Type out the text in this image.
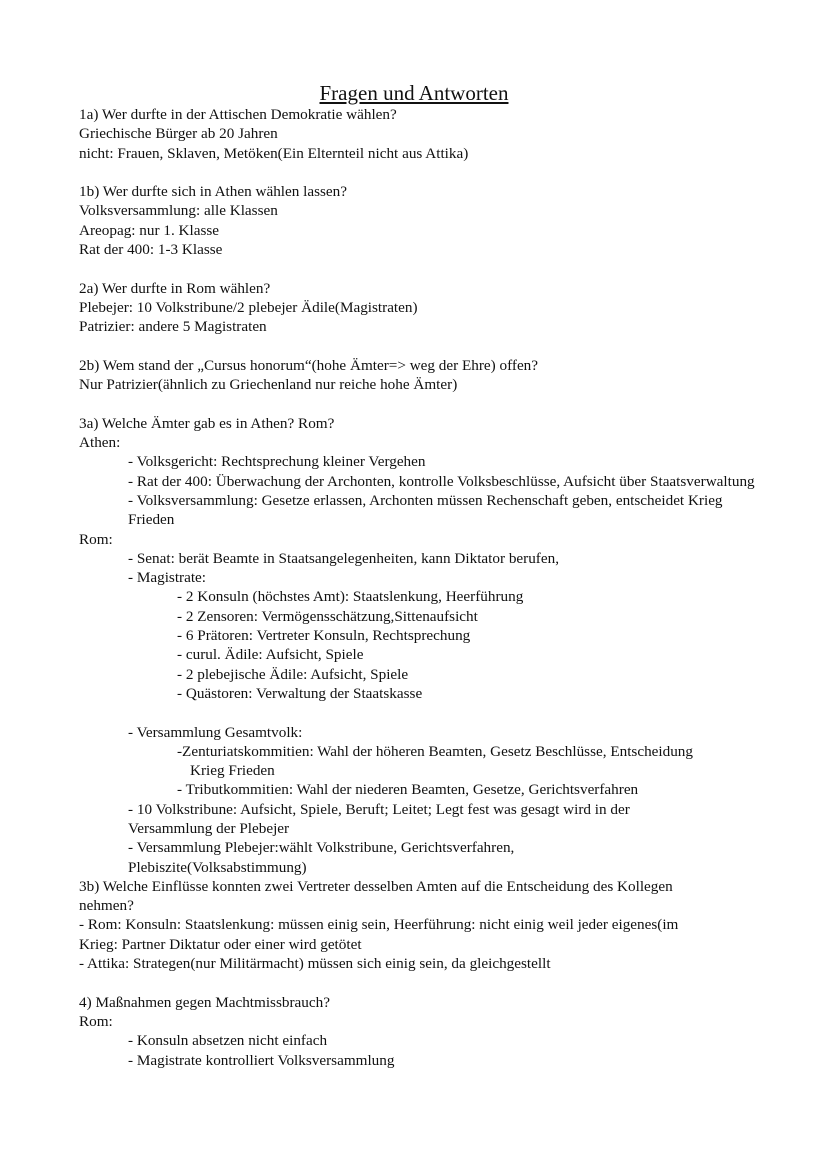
Fragen und Antworten
1a) Wer durfte in der Attischen Demokratie wählen?
Griechische Bürger ab 20 Jahren
nicht: Frauen, Sklaven, Metöken(Ein Elternteil nicht aus Attika)
1b) Wer durfte sich in Athen wählen lassen?
Volksversammlung: alle Klassen
Areopag: nur 1. Klasse
Rat der 400: 1-3 Klasse
2a) Wer durfte in Rom wählen?
Plebejer: 10 Volkstribune/2 plebejer Ädile(Magistraten)
Patrizier: andere 5 Magistraten
2b) Wem stand der „Cursus honorum“(hohe Ämter=> weg der Ehre) offen?
Nur Patrizier(ähnlich zu Griechenland nur reiche hohe Ämter)
3a) Welche Ämter gab es in Athen? Rom?
Athen:
- Volksgericht: Rechtsprechung kleiner Vergehen
- Rat der 400: Überwachung der Archonten, kontrolle Volksbeschlüsse, Aufsicht über Staatsverwaltung
- Volksversammlung: Gesetze erlassen, Archonten müssen Rechenschaft geben, entscheidet Krieg Frieden
Rom:
- Senat: berät Beamte in Staatsangelegenheiten, kann Diktator berufen,
- Magistrate:
- 2 Konsuln (höchstes Amt): Staatslenkung, Heerführung
- 2 Zensoren: Vermögensschätzung,Sittenaufsicht
- 6 Prätoren: Vertreter Konsuln, Rechtsprechung
- curul. Ädile: Aufsicht, Spiele
- 2 plebejische Ädile: Aufsicht, Spiele
- Quästoren: Verwaltung der Staatskasse
- Versammlung Gesamtvolk:
-Zenturiatskommitien: Wahl der höheren Beamten, Gesetz Beschlüsse, Entscheidung
Krieg Frieden
- Tributkommitien: Wahl der niederen Beamten, Gesetze, Gerichtsverfahren
- 10 Volkstribune: Aufsicht, Spiele, Beruft; Leitet; Legt fest was gesagt wird in der
Versammlung der Plebejer
- Versammlung Plebejer:wählt Volkstribune, Gerichtsverfahren,
Plebiszite(Volksabstimmung)
3b) Welche Einflüsse konnten zwei Vertreter desselben Amten auf die Entscheidung des Kollegen
nehmen?
- Rom: Konsuln: Staatslenkung: müssen einig sein, Heerführung: nicht einig weil jeder eigenes(im
Krieg: Partner Diktatur oder einer wird getötet
- Attika: Strategen(nur Militärmacht) müssen sich einig sein, da gleichgestellt
4) Maßnahmen gegen Machtmissbrauch?
Rom:
- Konsuln absetzen nicht einfach
- Magistrate kontrolliert Volksversammlung
